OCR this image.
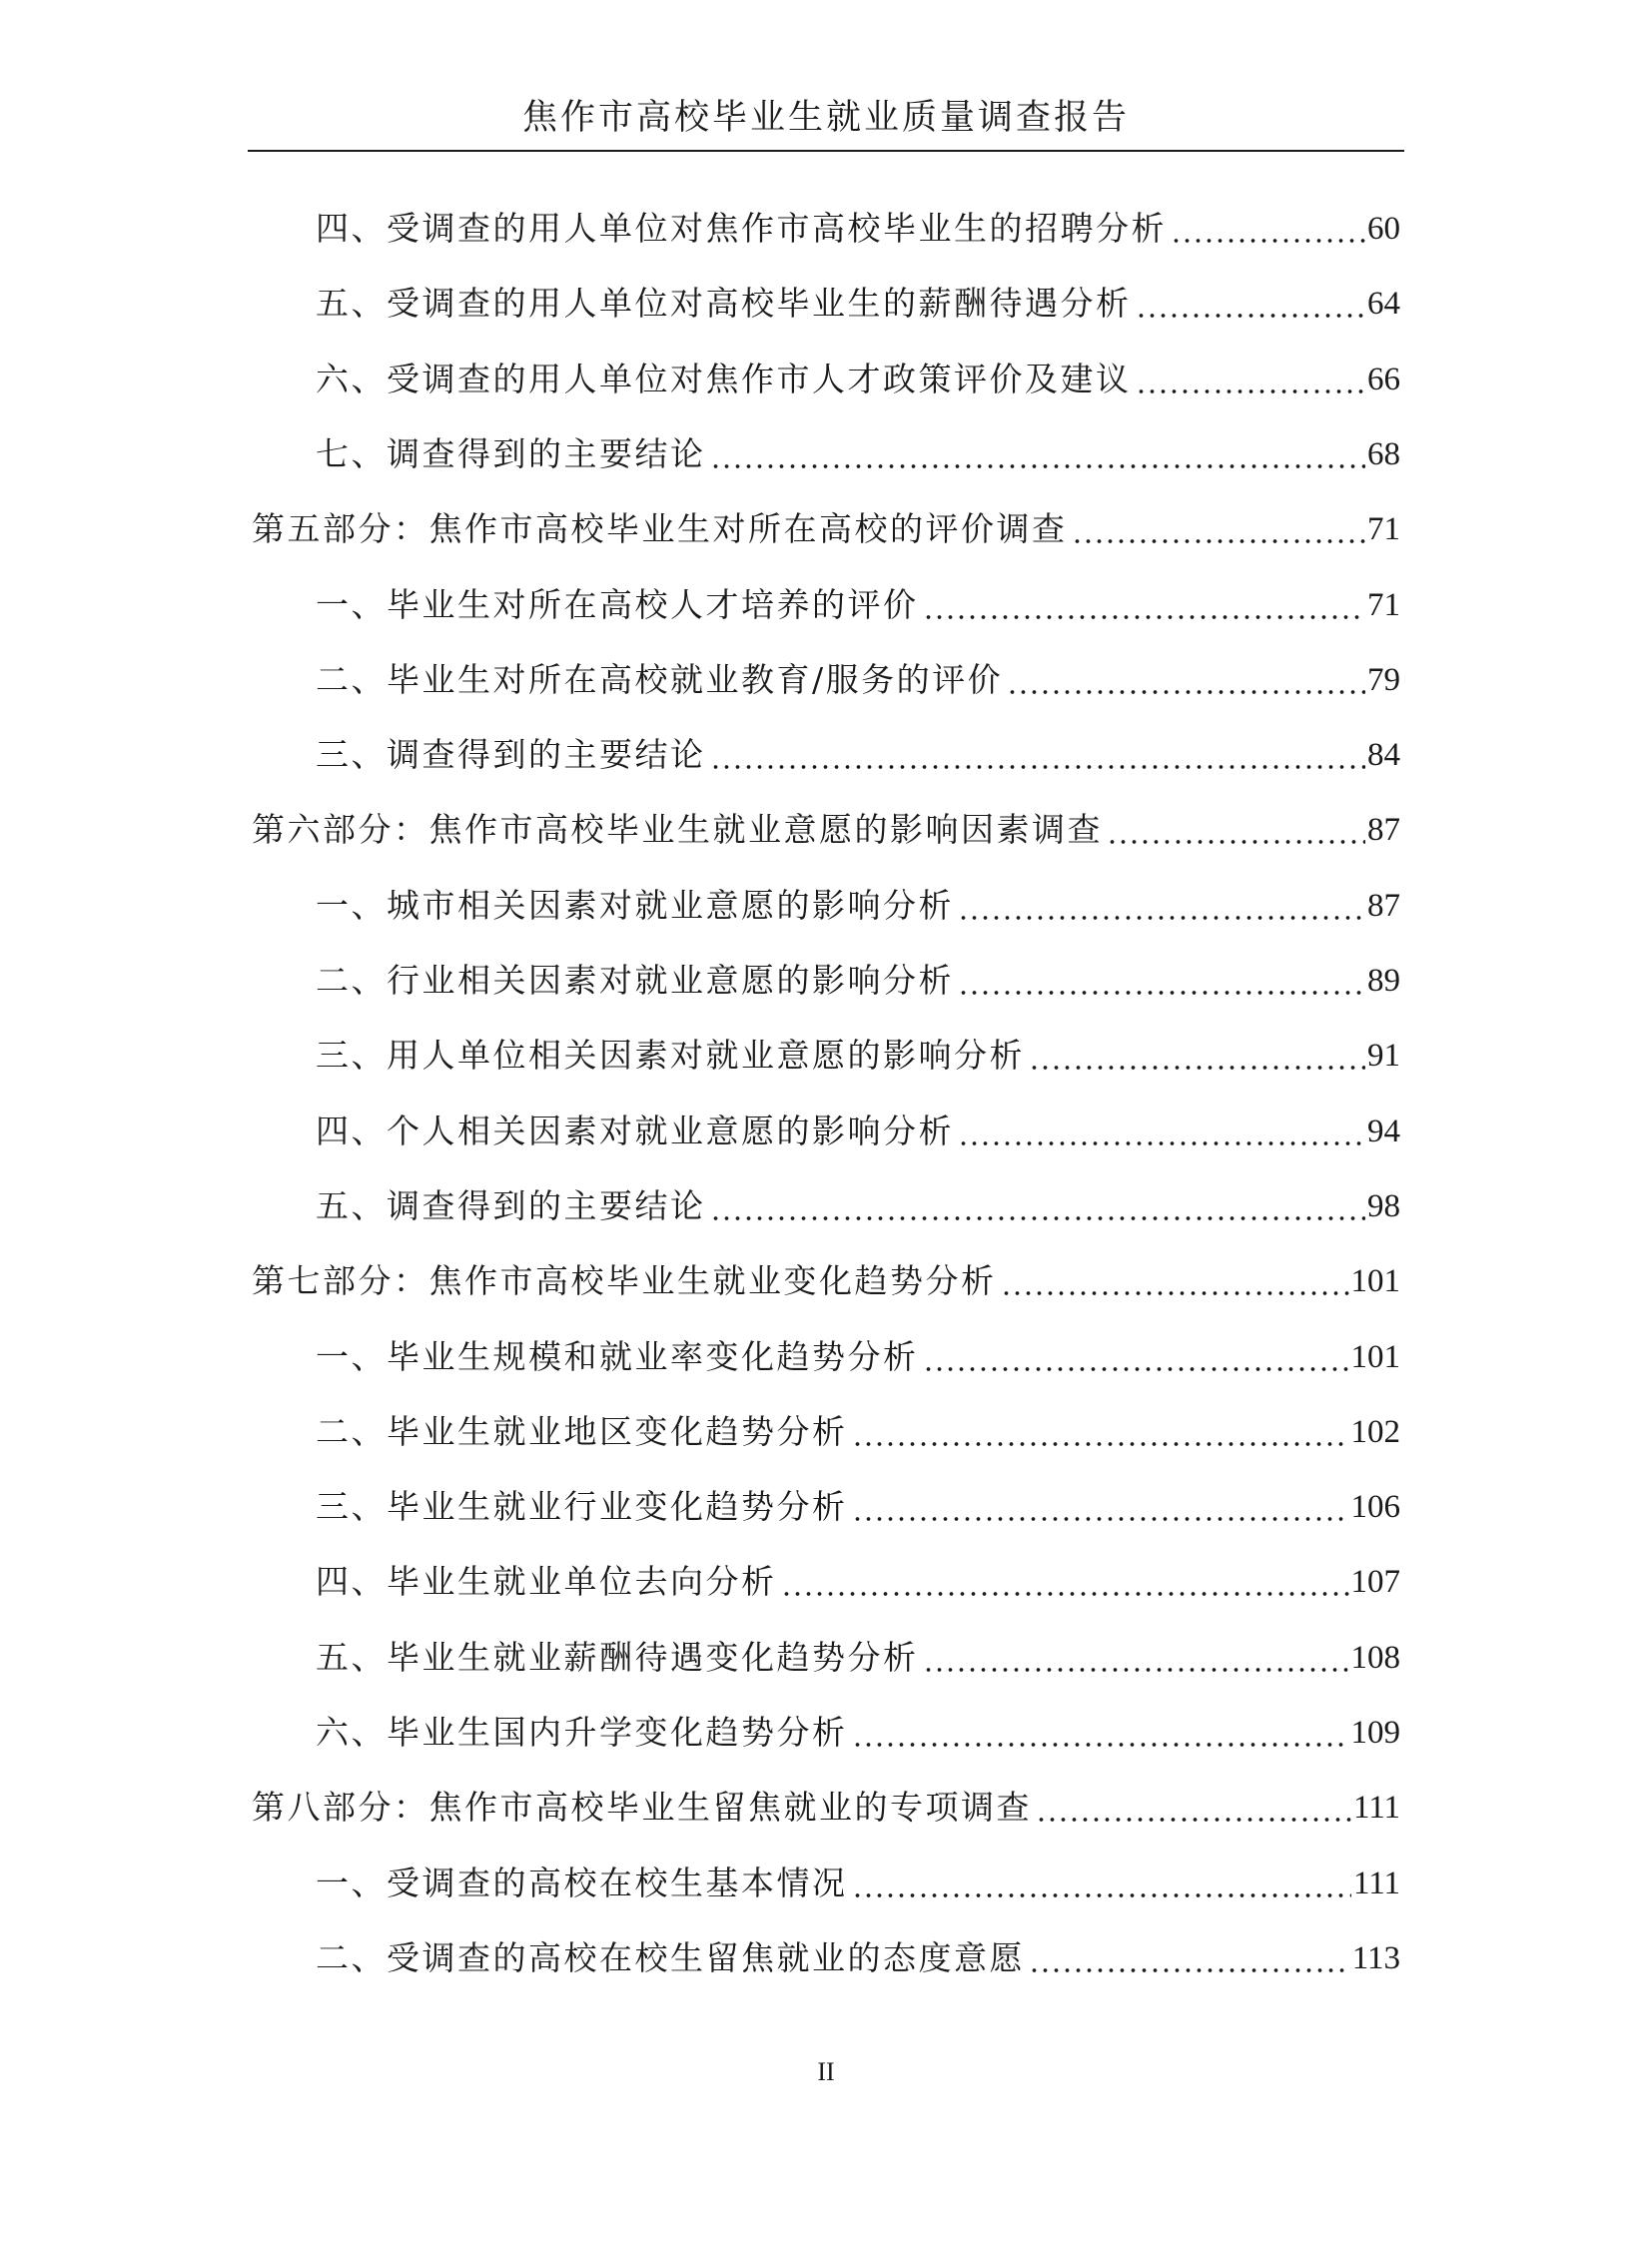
焦作市高校毕业生就业质量调查报告
四、受调查的用人单位对焦作市高校毕业生的招聘分析	60
五、受调查的用人单位对高校毕业生的薪酬待遇分析	64
六、受调查的用人单位对焦作市人才政策评价及建议	66
七、调查得到的主要结论	68
第五部分：焦作市高校毕业生对所在高校的评价调查	71
一、毕业生对所在高校人才培养的评价	71
二、毕业生对所在高校就业教育/服务的评价	79
三、调查得到的主要结论	84
第六部分：焦作市高校毕业生就业意愿的影响因素调查	87
一、城市相关因素对就业意愿的影响分析	87
二、行业相关因素对就业意愿的影响分析	89
三、用人单位相关因素对就业意愿的影响分析	91
四、个人相关因素对就业意愿的影响分析	94
五、调查得到的主要结论	98
第七部分：焦作市高校毕业生就业变化趋势分析	101
一、毕业生规模和就业率变化趋势分析	101
二、毕业生就业地区变化趋势分析	102
三、毕业生就业行业变化趋势分析	106
四、毕业生就业单位去向分析	107
五、毕业生就业薪酬待遇变化趋势分析	108
六、毕业生国内升学变化趋势分析	109
第八部分：焦作市高校毕业生留焦就业的专项调查	111
一、受调查的高校在校生基本情况	111
二、受调查的高校在校生留焦就业的态度意愿	113
II
